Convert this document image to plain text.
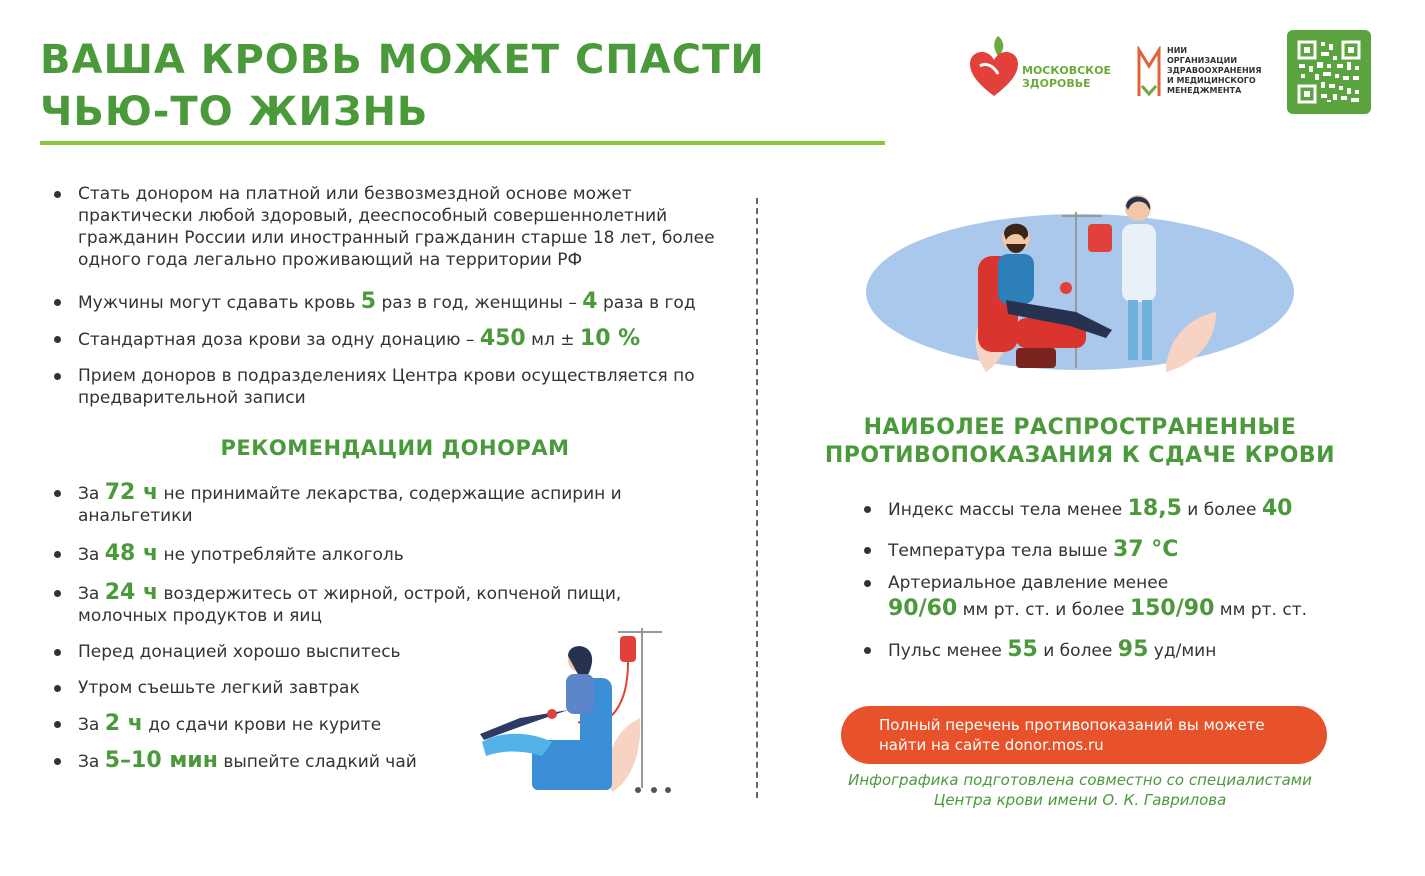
ВАША КРОВЬ МОЖЕТ СПАСТИ
ЧЬЮ-ТО ЖИЗНЬ
МОСКОВСКОЕ
ЗДОРОВЬЕ
НИИ
ОРГАНИЗАЦИИ
ЗДРАВООХРАНЕНИЯ
И МЕДИЦИНСКОГО
МЕНЕДЖМЕНТА
Стать донором на платной или безвозмездной основе может практически любой здоровый, дееспособный совершеннолетний гражданин России или иностранный гражданин старше 18 лет, более одного года легально проживающий на территории РФ
Мужчины могут сдавать кровь 5 раз в год, женщины – 4 раза в год
Стандартная доза крови за одну донацию – 450 мл ± 10 %
Прием доноров в подразделениях Центра крови осуществляется по предварительной записи
РЕКОМЕНДАЦИИ ДОНОРАМ
За 72 ч не принимайте лекарства, содержащие аспирин и анальгетики
За 48 ч не употребляйте алкоголь
За 24 ч воздержитесь от жирной, острой, копченой пищи, молочных продуктов и яиц
Перед донацией хорошо выспитесь
Утром съешьте легкий завтрак
За 2 ч до сдачи крови не курите
За 5–10 мин выпейте сладкий чай
НАИБОЛЕЕ РАСПРОСТРАНЕННЫЕ
ПРОТИВОПОКАЗАНИЯ К СДАЧЕ КРОВИ
Индекс массы тела менее 18,5 и более 40
Температура тела выше 37 °С
Артериальное давление менее
90/60 мм рт. ст. и более 150/90 мм рт. ст.
Пульс менее 55 и более 95 уд/мин
Полный перечень противопоказаний вы можете
найти на сайте donor.mos.ru
Инфографика подготовлена совместно со специалистами
Центра крови имени О. К. Гаврилова
